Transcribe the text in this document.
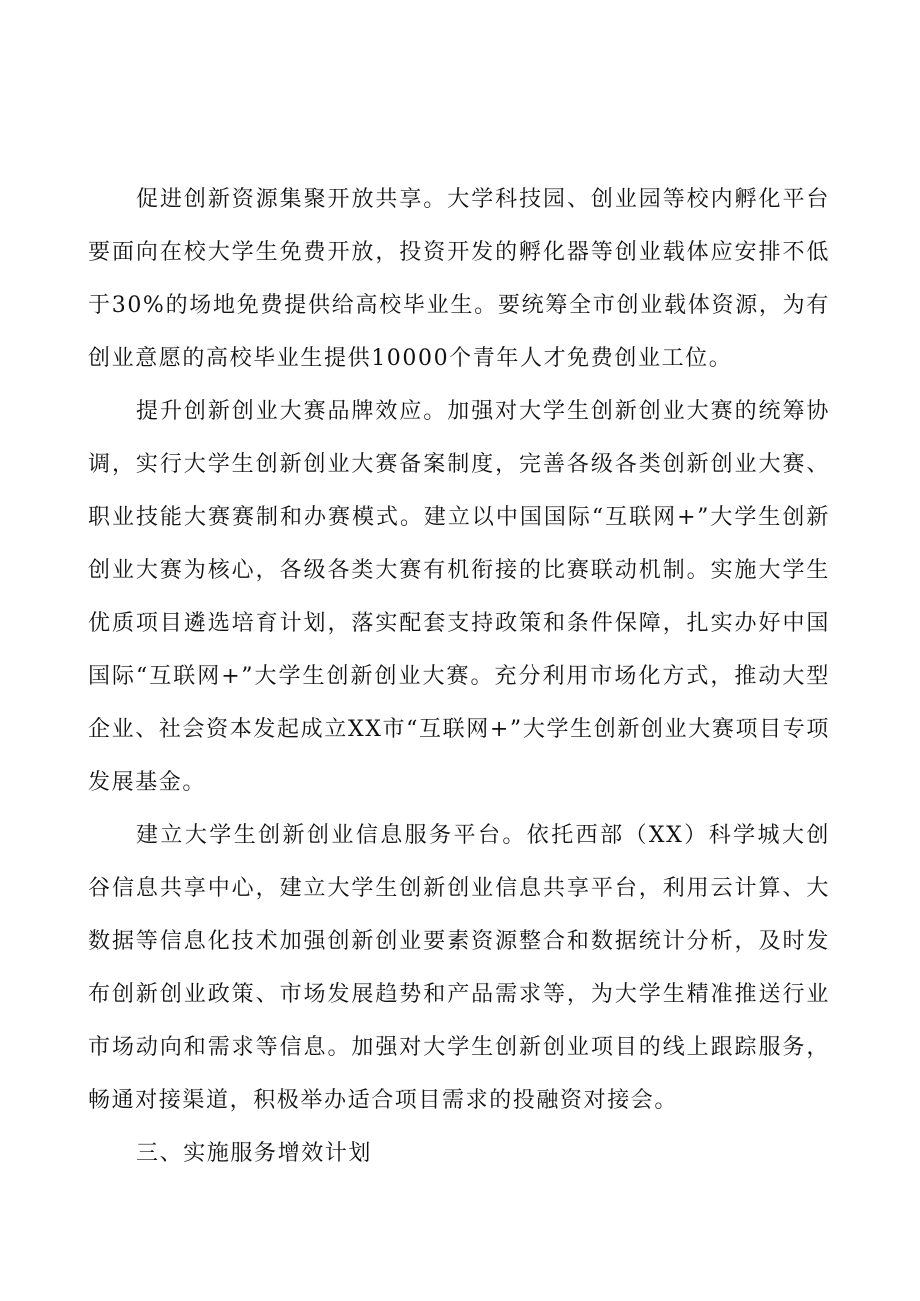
促进创新资源集聚开放共享。大学科技园、创业园等校内孵化平台要面向在校大学生免费开放，投资开发的孵化器等创业载体应安排不低于30%的场地免费提供给高校毕业生。要统筹全市创业载体资源，为有创业意愿的高校毕业生提供10000个青年人才免费创业工位。

提升创新创业大赛品牌效应。加强对大学生创新创业大赛的统筹协调，实行大学生创新创业大赛备案制度，完善各级各类创新创业大赛、职业技能大赛赛制和办赛模式。建立以中国国际“互联网+”大学生创新创业大赛为核心，各级各类大赛有机衔接的比赛联动机制。实施大学生优质项目遴选培育计划，落实配套支持政策和条件保障，扎实办好中国国际“互联网+”大学生创新创业大赛。充分利用市场化方式，推动大型企业、社会资本发起成立XX市“互联网+”大学生创新创业大赛项目专项发展基金。

建立大学生创新创业信息服务平台。依托西部（XX）科学城大创谷信息共享中心，建立大学生创新创业信息共享平台，利用云计算、大数据等信息化技术加强创新创业要素资源整合和数据统计分析，及时发布创新创业政策、市场发展趋势和产品需求等，为大学生精准推送行业市场动向和需求等信息。加强对大学生创新创业项目的线上跟踪服务，畅通对接渠道，积极举办适合项目需求的投融资对接会。

三、实施服务增效计划
